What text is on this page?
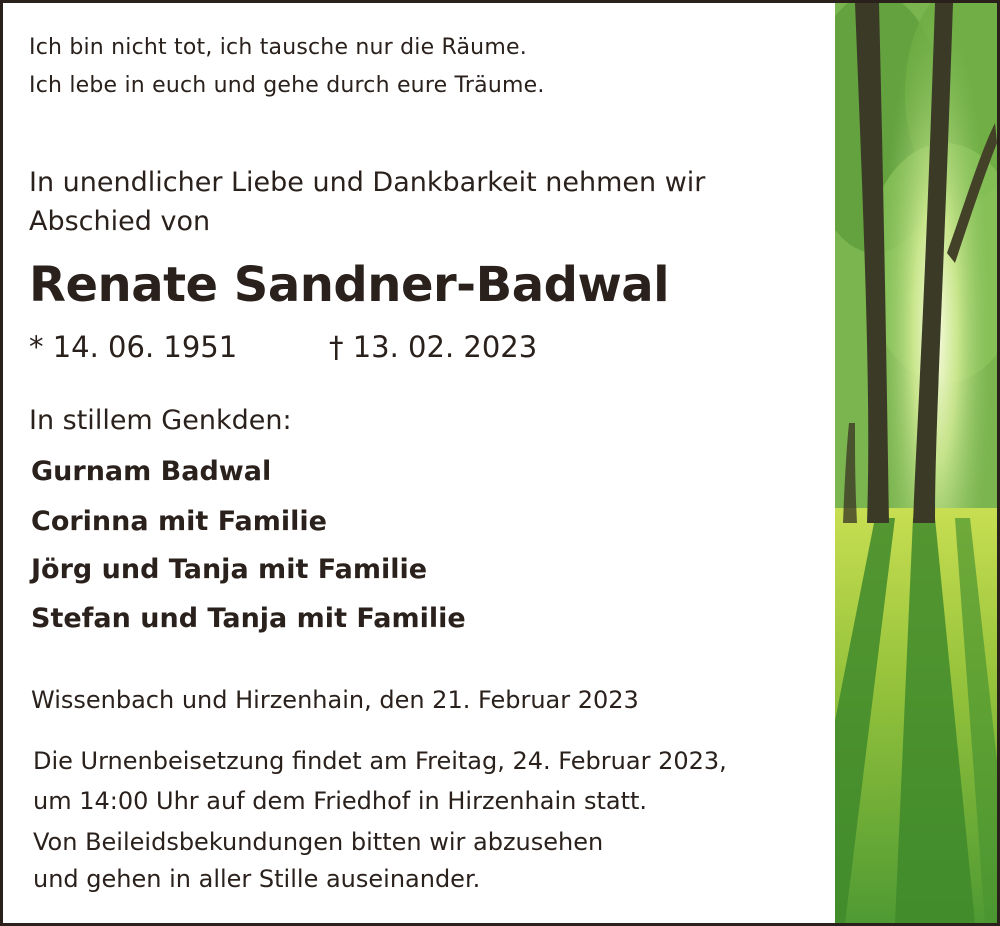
Ich bin nicht tot, ich tausche nur die Räume.
Ich lebe in euch und gehe durch eure Träume.
In unendlicher Liebe und Dankbarkeit nehmen wir
Abschied von
Renate Sandner-Badwal
* 14. 06. 1951	† 13. 02. 2023
In stillem Genkden:
Gurnam Badwal
Corinna mit Familie
Jörg und Tanja mit Familie
Stefan und Tanja mit Familie
Wissenbach und Hirzenhain, den 21. Februar 2023
Die Urnenbeisetzung findet am Freitag, 24. Februar 2023,
um 14:00 Uhr auf dem Friedhof in Hirzenhain statt.
Von Beileidsbekundungen bitten wir abzusehen
und gehen in aller Stille auseinander.
